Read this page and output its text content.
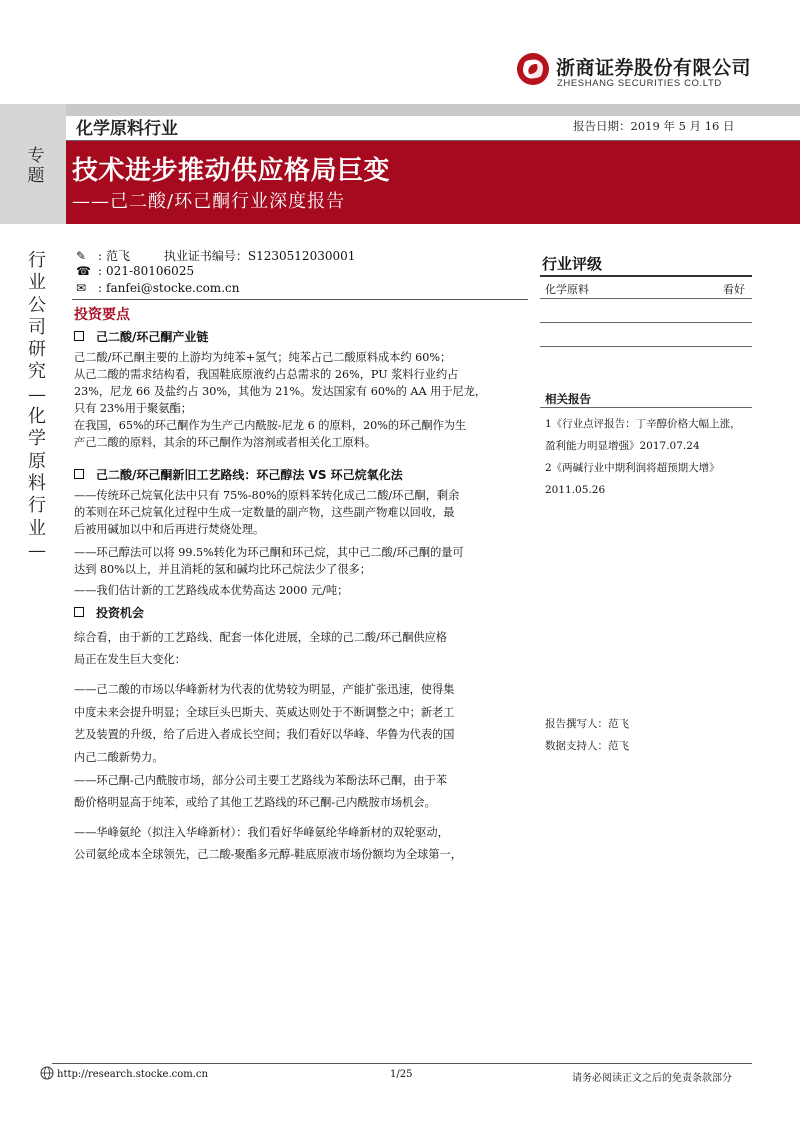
浙商证券股份有限公司
ZHESHANG SECURITIES CO.LTD
专
题
化学原料行业	报告日期：2019 年 5 月 16 日
技术进步推动供应格局巨变
——己二酸/环己酮行业深度报告
行
业
公
司
研
究
—
化
学
原
料
行
业
—
✎ : 范飞	执业证书编号：S1230512030001
☎ : 021-80106025
✉ : fanfei@stocke.com.cn
投资要点
己二酸/环己酮产业链
己二酸/环己酮主要的上游均为纯苯+氢气；纯苯占己二酸原料成本约 60%；
从己二酸的需求结构看，我国鞋底原液约占总需求的 26%，PU 浆料行业约占
23%，尼龙 66 及盐约占 30%，其他为 21%。发达国家有 60%的 AA 用于尼龙，
只有 23%用于聚氨酯；
在我国，65%的环己酮作为生产己内酰胺-尼龙 6 的原料，20%的环己酮作为生
产己二酸的原料，其余的环己酮作为溶剂或者相关化工原料。
己二酸/环己酮新旧工艺路线：环己醇法 VS 环己烷氧化法
——传统环己烷氧化法中只有 75%-80%的原料苯转化成己二酸/环己酮，剩余
的苯则在环己烷氧化过程中生成一定数量的副产物，这些副产物难以回收，最
后被用碱加以中和后再进行焚烧处理。
——环己醇法可以将 99.5%转化为环己酮和环己烷，其中己二酸/环己酮的量可
达到 80%以上，并且消耗的氢和碱均比环己烷法少了很多；
——我们估计新的工艺路线成本优势高达 2000 元/吨；
投资机会
综合看，由于新的工艺路线、配套一体化进展，全球的己二酸/环己酮供应格
局正在发生巨大变化：
——己二酸的市场以华峰新材为代表的优势较为明显，产能扩张迅速，使得集
中度未来会提升明显；全球巨头巴斯夫、英威达则处于不断调整之中；新老工
艺及装置的升级，给了后进入者成长空间；我们看好以华峰、华鲁为代表的国
内己二酸新势力。
——环己酮-己内酰胺市场，部分公司主要工艺路线为苯酚法环己酮，由于苯
酚价格明显高于纯苯，或给了其他工艺路线的环己酮-己内酰胺市场机会。
——华峰氨纶（拟注入华峰新材）：我们看好华峰氨纶华峰新材的双轮驱动，
公司氨纶成本全球领先，己二酸-聚酯多元醇-鞋底原液市场份额均为全球第一，
行业评级
化学原料	看好
相关报告
1《行业点评报告：丁辛醇价格大幅上涨，
盈利能力明显增强》2017.07.24
2《两碱行业中期利润将超预期大增》
2011.05.26
报告撰写人：范飞
数据支持人：范飞
http://research.stocke.com.cn	1/25	请务必阅读正文之后的免责条款部分
